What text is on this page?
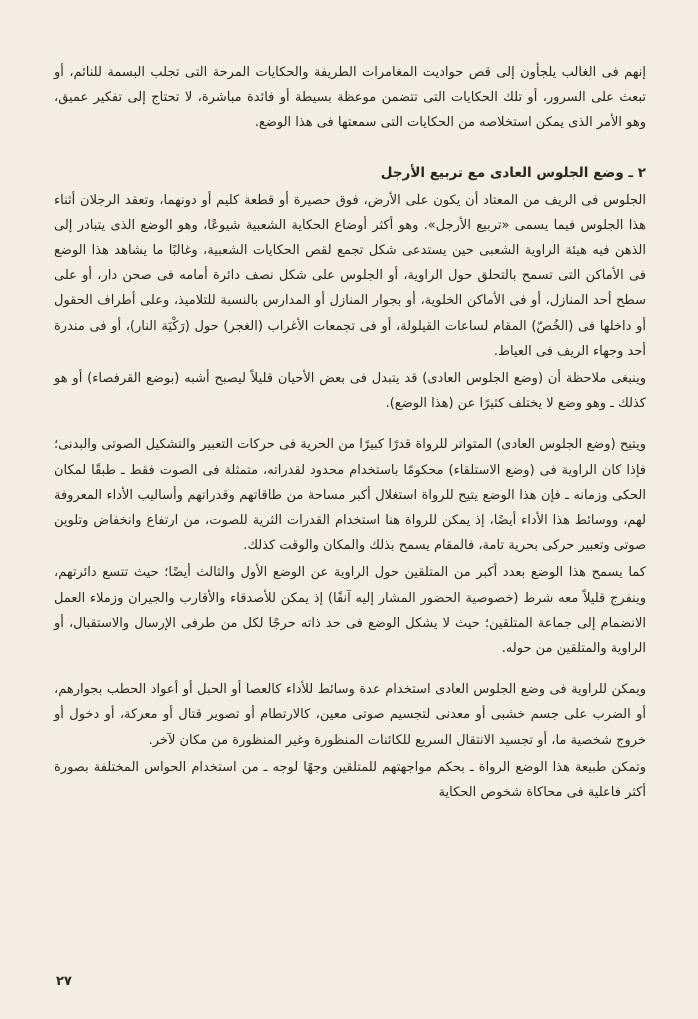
إنهم فى الغالب يلجأون إلى قص حواديت المغامرات الطريفة والحكايات المرحة التى تجلب البسمة للنائم، أو تبعث على السرور، أو تلك الحكايات التى تتضمن موعظة بسيطة أو فائدة مباشرة، لا تحتاج إلى تفكير عميق، وهو الأمر الذى يمكن استخلاصه من الحكايات التى سمعتها فى هذا الوضع.

٢ ـ وضع الجلوس العادى مع تربيع الأرجل

الجلوس فى الريف من المعتاد أن يكون على الأرض، فوق حصيرة أو قطعة كليم أو دونهما، وتعقد الرجلان أثناء هذا الجلوس فيما يسمى «تربيع الأرجل». وهو أكثر أوضاع الحكاية الشعبية شيوعًا، وهو الوضع الذى يتبادر إلى الذهن فيه هيئة الراوية الشعبى حين يستدعى شكل تجمع لقص الحكايات الشعبية، وغالبًا ما يشاهد هذا الوضع فى الأماكن التى تسمح بالتحلق حول الراوية، أو الجلوس على شكل نصف دائرة أمامه فى صحن دار، أو على سطح أحد المنازل، أو فى الأماكن الخلوية، أو بجوار المنازل أو المدارس بالنسبة للتلاميذ، وعلى أطراف الحقول أو داخلها فى (الخُصّ) المقام لساعات القيلولة، أو فى تجمعات الأغراب (الغجر) حول (رَكْيَة النار)، أو فى مندرة أحد وجهاء الريف فى العياط.

وينبغى ملاحظة أن (وضع الجلوس العادى) قد يتبدل فى بعض الأحيان قليلاً ليصبح أشبه (بوضع القرفصاء) أو هو كذلك ـ وهو وضع لا يختلف كثيرًا عن (هذا الوضع).

ويتيح (وضع الجلوس العادى) المتواتر للرواة قدرًا كبيرًا من الحرية فى حركات التعبير والتشكيل الصوتى والبدنى؛ فإذا كان الراوية فى (وضع الاستلقاء) محكومًا باستخدام محدود لقدراته، متمثلة فى الصوت فقط ـ طبقًا لمكان الحكى وزمانه ـ فإن هذا الوضع يتيح للرواة استغلال أكبر مساحة من طاقاتهم وقدراتهم وأساليب الأداء المعروفة لهم، ووسائط هذا الأداء أيضًا، إذ يمكن للرواة هنا استخدام القدرات الثرية للصوت، من ارتفاع وانخفاض وتلوين صوتى وتعبير حركى بحرية تامة، فالمقام يسمح بذلك والمكان والوقت كذلك.

كما يسمح هذا الوضع بعدد أكبر من المتلقين حول الراوية عن الوضع الأول والثالث أيضًا؛ حيث تتسع دائرتهم، وينفرج قليلاً معه شرط (خصوصية الحضور المشار إليه آنفًا) إذ يمكن للأصدقاء والأقارب والجيران وزملاء العمل الانضمام إلى جماعة المتلقين؛ حيث لا يشكل الوضع فى حد ذاته حرجًا لكل من طرفى الإرسال والاستقبال، أو الراوية والمتلقين من حوله.

ويمكن للراوية فى وضع الجلوس العادى استخدام عدة وسائط للأداء كالعصا أو الحبل أو أعواد الحطب بجوارهم، أو الضرب على جسم خشبى أو معدنى لتجسيم صوتى معين، كالارتطام أو تصوير قتال أو معركة، أو دخول أو خروج شخصية ما، أو تجسيد الانتقال السريع للكائنات المنظورة وغير المنظورة من مكان لآخر.

وتمكن طبيعة هذا الوضع الرواة ـ بحكم مواجهتهم للمتلقين وجهًا لوجه ـ من استخدام الحواس المختلفة بصورة أكثر فاعلية فى محاكاة شخوص الحكاية

٢٧
